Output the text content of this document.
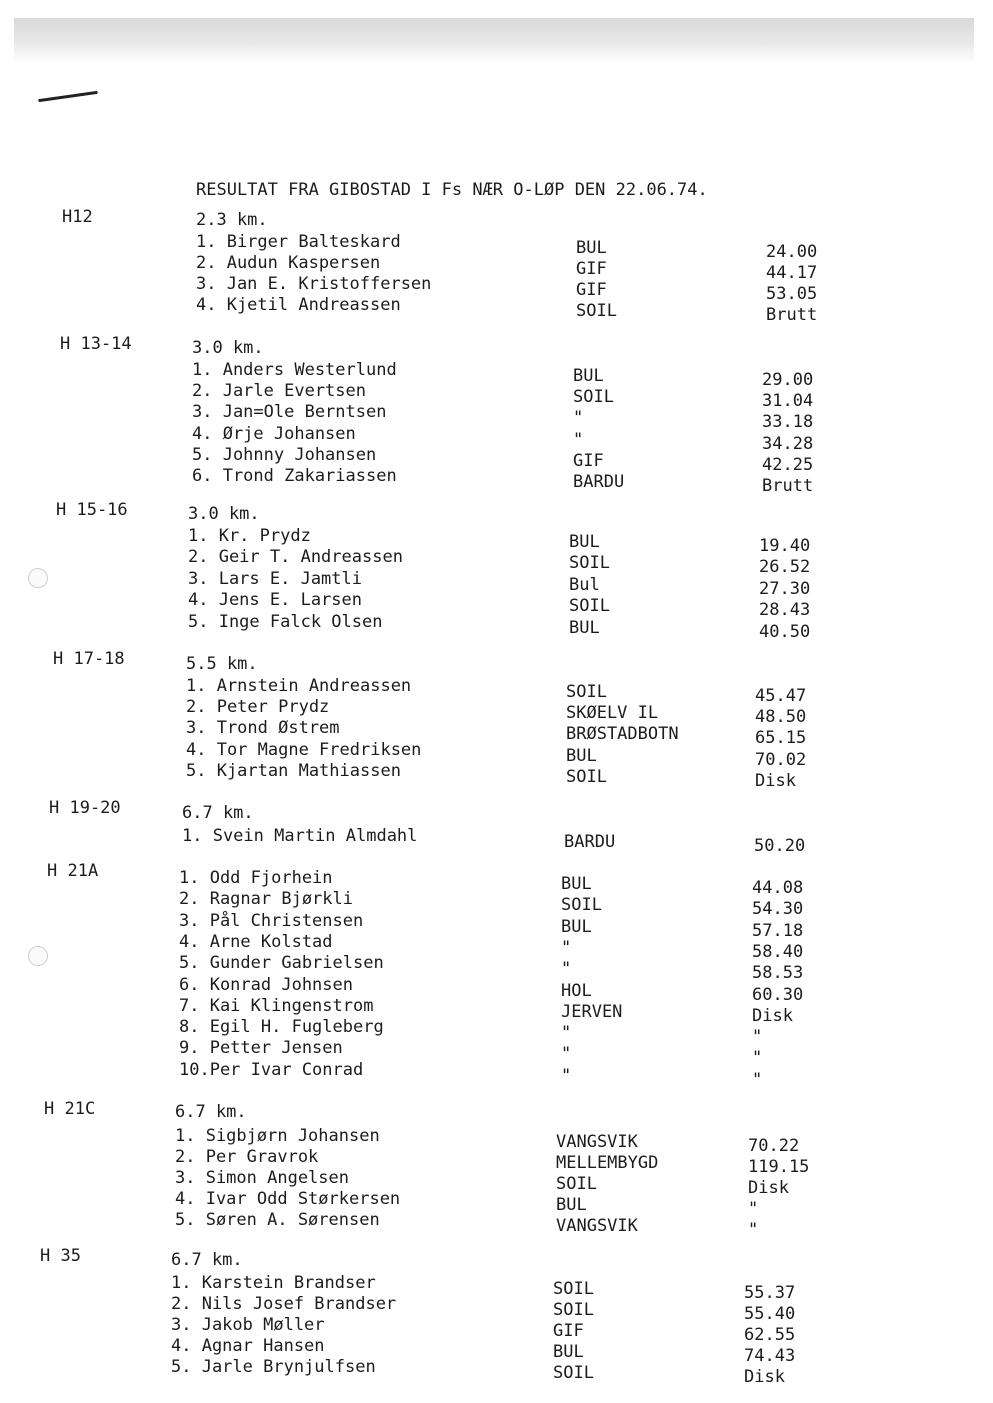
RESULTAT FRA GIBOSTAD I Fs NÆR O-LØP DEN 22.06.74.
H12	2.3 km.
1. Birger Balteskard	BUL	24.00
2. Audun Kaspersen	GIF	44.17
3. Jan E. Kristoffersen	GIF	53.05
4. Kjetil Andreassen	SOIL	Brutt
H 13-14	3.0 km.
1. Anders Westerlund	BUL	29.00
2. Jarle Evertsen	SOIL	31.04
3. Jan=Ole Berntsen	"	33.18
4. Ørje Johansen	"	34.28
5. Johnny Johansen	GIF	42.25
6. Trond Zakariassen	BARDU	Brutt
H 15-16	3.0 km.
1. Kr. Prydz	BUL	19.40
2. Geir T. Andreassen	SOIL	26.52
3. Lars E. Jamtli	Bul	27.30
4. Jens E. Larsen	SOIL	28.43
5. Inge Falck Olsen	BUL	40.50
H 17-18	5.5 km.
1. Arnstein Andreassen	SOIL	45.47
2. Peter Prydz	SKØELV IL	48.50
3. Trond Østrem	BRØSTADBOTN	65.15
4. Tor Magne Fredriksen	BUL	70.02
5. Kjartan Mathiassen	SOIL	Disk
H 19-20	6.7 km.
1. Svein Martin Almdahl	BARDU	50.20
H 21A	1. Odd Fjorhein	BUL	44.08
2. Ragnar Bjørkli	SOIL	54.30
3. Pål Christensen	BUL	57.18
4. Arne Kolstad	"	58.40
5. Gunder Gabrielsen	"	58.53
6. Konrad Johnsen	HOL	60.30
7. Kai Klingenstrom	JERVEN	Disk
8. Egil H. Fugleberg	"	"
9. Petter Jensen	"	"
10.Per Ivar Conrad	"	"
H 21C	6.7 km.
1. Sigbjørn Johansen	VANGSVIK	70.22
2. Per Gravrok	MELLEMBYGD	119.15
3. Simon Angelsen	SOIL	Disk
4. Ivar Odd Størkersen	BUL	"
5. Søren A. Sørensen	VANGSVIK	"
H 35	6.7 km.
1. Karstein Brandser	SOIL	55.37
2. Nils Josef Brandser	SOIL	55.40
3. Jakob Møller	GIF	62.55
4. Agnar Hansen	BUL	74.43
5. Jarle Brynjulfsen	SOIL	Disk
